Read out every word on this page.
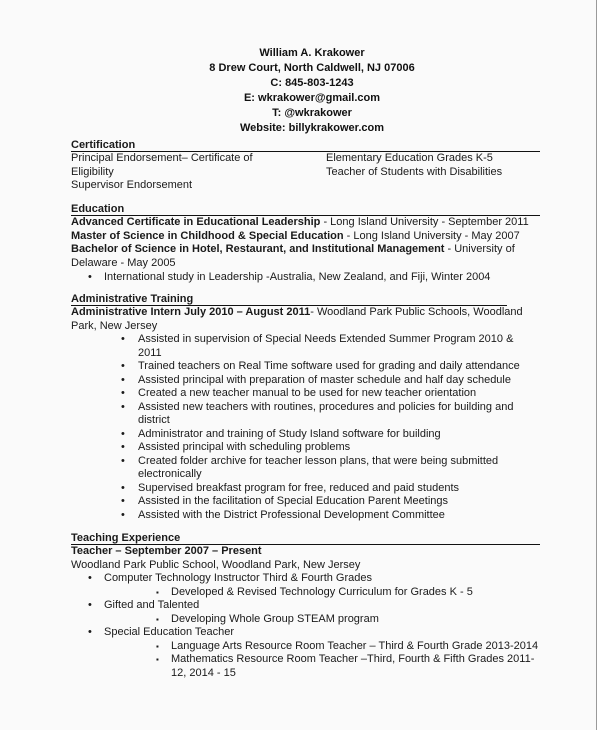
William A. Krakower
8 Drew Court, North Caldwell, NJ 07006
C: 845-803-1243
E: wkrakower@gmail.com
T: @wkrakower
Website: billykrakower.com
Certification
Principal Endorsement– Certificate of
Eligibility
Supervisor Endorsement
Elementary Education Grades K-5
Teacher of Students with Disabilities
Education
Advanced Certificate in Educational Leadership - Long Island University - September 2011
Master of Science in Childhood & Special Education - Long Island University - May 2007
Bachelor of Science in Hotel, Restaurant, and Institutional Management - University of Delaware - May 2005
• International study in Leadership -Australia, New Zealand, and Fiji, Winter 2004
Administrative Training
Administrative Intern July 2010 – August 2011- Woodland Park Public Schools, Woodland Park, New Jersey
• Assisted in supervision of Special Needs Extended Summer Program 2010 & 2011
• Trained teachers on Real Time software used for grading and daily attendance
• Assisted principal with preparation of master schedule and half day schedule
• Created a new teacher manual to be used for new teacher orientation
• Assisted new teachers with routines, procedures and policies for building and district
• Administrator and training of Study Island software for building
• Assisted principal with scheduling problems
• Created folder archive for teacher lesson plans, that were being submitted electronically
• Supervised breakfast program for free, reduced and paid students
• Assisted in the facilitation of Special Education Parent Meetings
• Assisted with the District Professional Development Committee
Teaching Experience
Teacher – September 2007 – Present
Woodland Park Public School, Woodland Park, New Jersey
• Computer Technology Instructor Third & Fourth Grades
▪ Developed & Revised Technology Curriculum for Grades K - 5
• Gifted and Talented
▪ Developing Whole Group STEAM program
• Special Education Teacher
▪ Language Arts Resource Room Teacher – Third & Fourth Grade 2013-2014
▪ Mathematics Resource Room Teacher –Third, Fourth & Fifth Grades 2011-12, 2014 - 15
